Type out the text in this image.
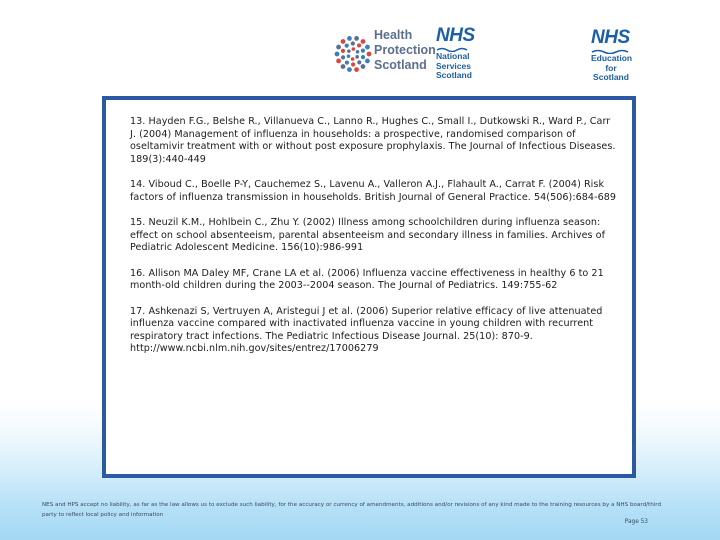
Health
Protection
Scotland
NHS
National
Services
Scotland
NHS
Education
for
Scotland
13. Hayden F.G., Belshe R., Villanueva C., Lanno R., Hughes C., Small I., Dutkowski R., Ward P., Carr J. (2004) Management of influenza in households: a prospective, randomised comparison of oseltamivir treatment with or without post exposure prophylaxis. The Journal of Infectious Diseases. 189(3):440-449
14. Viboud C., Boelle P-Y, Cauchemez S., Lavenu A., Valleron A.J., Flahault A., Carrat F. (2004) Risk factors of influenza transmission in households. British Journal of General Practice. 54(506):684-689
15. Neuzil K.M., Hohlbein C., Zhu Y. (2002) Illness among schoolchildren during influenza season: effect on school absenteeism, parental absenteeism and secondary illness in families. Archives of Pediatric Adolescent Medicine. 156(10):986-991
16. Allison MA Daley MF, Crane LA et al. (2006) Influenza vaccine effectiveness in healthy 6 to 21 month-old children during the 2003--2004 season. The Journal of Pediatrics. 149:755-62
17. Ashkenazi S, Vertruyen A, Aristegui J et al. (2006) Superior relative efficacy of live attenuated influenza vaccine compared with inactivated influenza vaccine in young children with recurrent respiratory tract infections. The Pediatric Infectious Disease Journal. 25(10): 870-9. http://www.ncbi.nlm.nih.gov/sites/entrez/17006279
NES and HPS accept no liability, as far as the law allows us to exclude such liability, for the accuracy or currency of amendments, additions and/or revisions of any kind made to the training resources by a NHS board/third party to reflect local policy and information
Page 53
